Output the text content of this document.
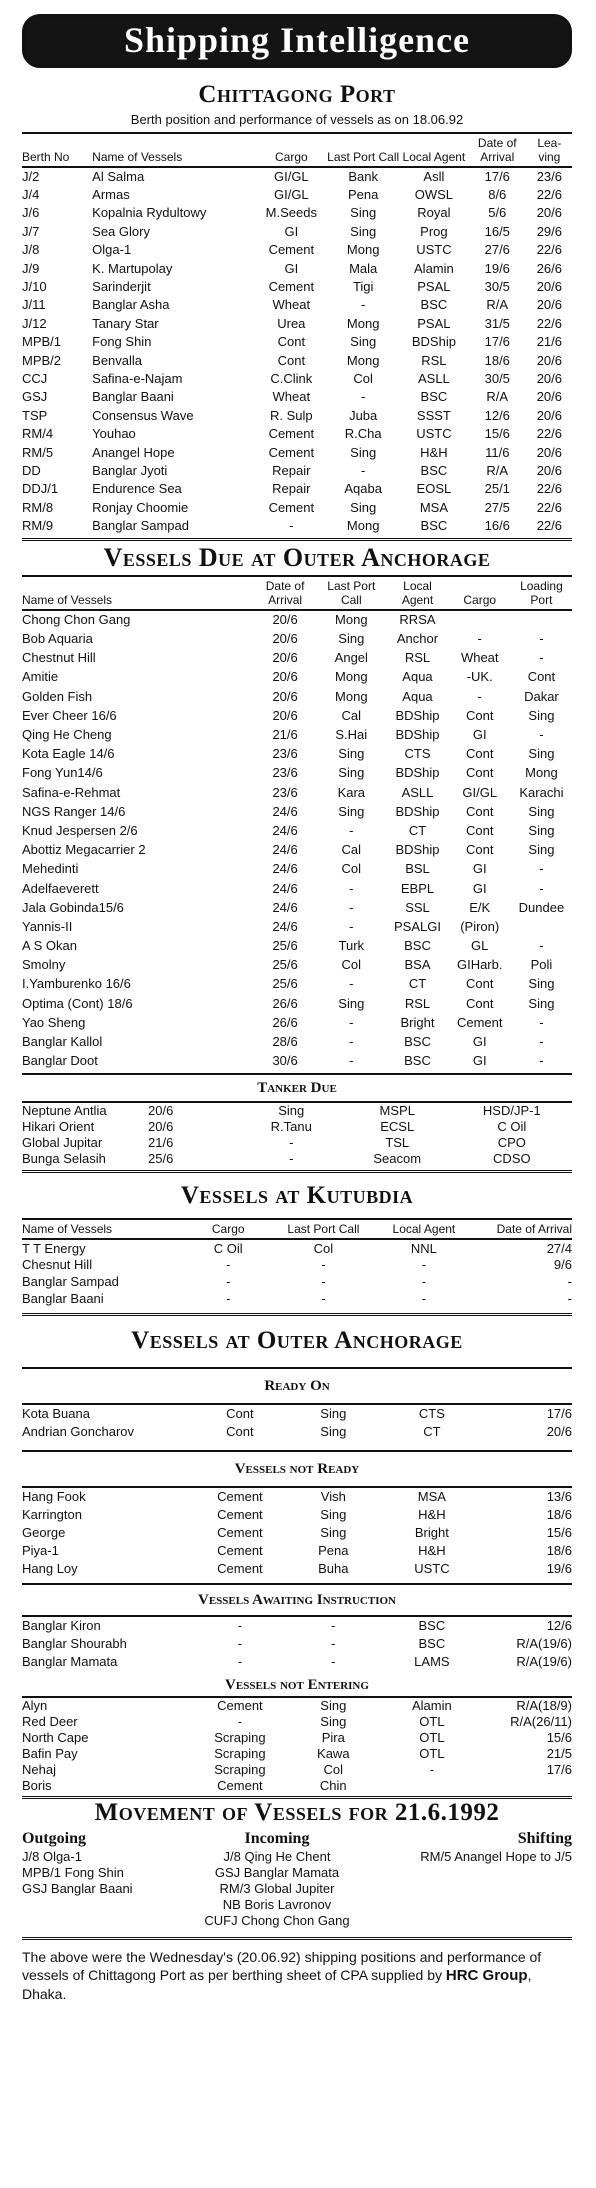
Shipping Intelligence
Chittagong Port
Berth position and performance of vessels as on 18.06.92
Berth No	Name of Vessels	Cargo	Last Port Call	Local Agent	Date of Arrival	Lea- ving
J/2	Al Salma	GI/GL	Bank	Asll	17/6	23/6
J/4	Armas	GI/GL	Pena	OWSL	8/6	22/6
J/6	Kopalnia Rydultowy	M.Seeds	Sing	Royal	5/6	20/6
J/7	Sea Glory	GI	Sing	Prog	16/5	29/6
J/8	Olga-1	Cement	Mong	USTC	27/6	22/6
J/9	K. Martupolay	GI	Mala	Alamin	19/6	26/6
J/10	Sarinderjit	Cement	Tigi	PSAL	30/5	20/6
J/11	Banglar Asha	Wheat	-	BSC	R/A	20/6
J/12	Tanary Star	Urea	Mong	PSAL	31/5	22/6
MPB/1	Fong Shin	Cont	Sing	BDShip	17/6	21/6
MPB/2	Benvalla	Cont	Mong	RSL	18/6	20/6
CCJ	Safina-e-Najam	C.Clink	Col	ASLL	30/5	20/6
GSJ	Banglar Baani	Wheat	-	BSC	R/A	20/6
TSP	Consensus Wave	R. Sulp	Juba	SSST	12/6	20/6
RM/4	Youhao	Cement	R.Cha	USTC	15/6	22/6
RM/5	Anangel Hope	Cement	Sing	H&H	11/6	20/6
DD	Banglar Jyoti	Repair	-	BSC	R/A	20/6
DDJ/1	Endurence Sea	Repair	Aqaba	EOSL	25/1	22/6
RM/8	Ronjay Choomie	Cement	Sing	MSA	27/5	22/6
RM/9	Banglar Sampad	-	Mong	BSC	16/6	22/6
Vessels Due at Outer Anchorage
Name of Vessels	Date of Arrival	Last Port Call	Local Agent	Cargo	Loading Port
Chong Chon Gang	20/6	Mong	RRSA		
Bob Aquaria	20/6	Sing	Anchor	-	-
Chestnut Hill	20/6	Angel	RSL	Wheat	-
Amitie	20/6	Mong	Aqua	-UK.	Cont
Golden Fish	20/6	Mong	Aqua	-	Dakar
Ever Cheer 16/6	20/6	Cal	BDShip	Cont	Sing
Qing He Cheng	21/6	S.Hai	BDShip	GI	-
Kota Eagle 14/6	23/6	Sing	CTS	Cont	Sing
Fong Yun14/6	23/6	Sing	BDShip	Cont	Mong
Safina-e-Rehmat	23/6	Kara	ASLL	GI/GL	Karachi
NGS Ranger 14/6	24/6	Sing	BDShip	Cont	Sing
Knud Jespersen 2/6	24/6	-	CT	Cont	Sing
Abottiz Megacarrier 2	24/6	Cal	BDShip	Cont	Sing
Mehedinti	24/6	Col	BSL	GI	-
Adelfaeverett	24/6	-	EBPL	GI	-
Jala Gobinda15/6	24/6	-	SSL	E/K	Dundee
Yannis-II	24/6	-	PSALGI	(Piron)	
A S Okan	25/6	Turk	BSC	GL	-
Smolny	25/6	Col	BSA	GIHarb.	Poli
I.Yamburenko 16/6	25/6	-	CT	Cont	Sing
Optima (Cont) 18/6	26/6	Sing	RSL	Cont	Sing
Yao Sheng	26/6	-	Bright	Cement	-
Banglar Kallol	28/6	-	BSC	GI	-
Banglar Doot	30/6	-	BSC	GI	-
Tanker Due
Neptune Antlia	20/6	Sing	MSPL	HSD/JP-1
Hikari Orient	20/6	R.Tanu	ECSL	C Oil
Global Jupitar	21/6	-	TSL	CPO
Bunga Selasih	25/6	-	Seacom	CDSO
Vessels at Kutubdia
Name of Vessels	Cargo	Last Port Call	Local Agent	Date of Arrival
T T Energy	C Oil	Col	NNL	27/4
Chesnut Hill	-	-	-	9/6
Banglar Sampad	-	-	-	-
Banglar Baani	-	-	-	-
Vessels at Outer Anchorage
Ready On
Kota Buana	Cont	Sing	CTS	17/6
Andrian Goncharov	Cont	Sing	CT	20/6
Vessels not Ready
Hang Fook	Cement	Vish	MSA	13/6
Karrington	Cement	Sing	H&H	18/6
George	Cement	Sing	Bright	15/6
Piya-1	Cement	Pena	H&H	18/6
Hang Loy	Cement	Buha	USTC	19/6
Vessels Awaiting Instruction
Banglar Kiron	-	-	BSC	12/6
Banglar Shourabh	-	-	BSC	R/A(19/6)
Banglar Mamata	-	-	LAMS	R/A(19/6)
Vessels not Entering
Alyn	Cement	Sing	Alamin	R/A(18/9)
Red Deer	-	Sing	OTL	R/A(26/11)
North Cape	Scraping	Pira	OTL	15/6
Bafin Pay	Scraping	Kawa	OTL	21/5
Nehaj	Scraping	Col	-	17/6
Boris	Cement	Chin		
Movement of Vessels for 21.6.1992
Outgoing
J/8 Olga-1
MPB/1 Fong Shin
GSJ Banglar Baani
Incoming
J/8 Qing He Chent
GSJ Banglar Mamata
RM/3 Global Jupiter
NB Boris Lavronov
CUFJ Chong Chon Gang
Shifting
RM/5 Anangel Hope to J/5
The above were the Wednesday's (20.06.92) shipping positions and performance of vessels of Chittagong Port as per berthing sheet of CPA supplied by HRC Group, Dhaka.
